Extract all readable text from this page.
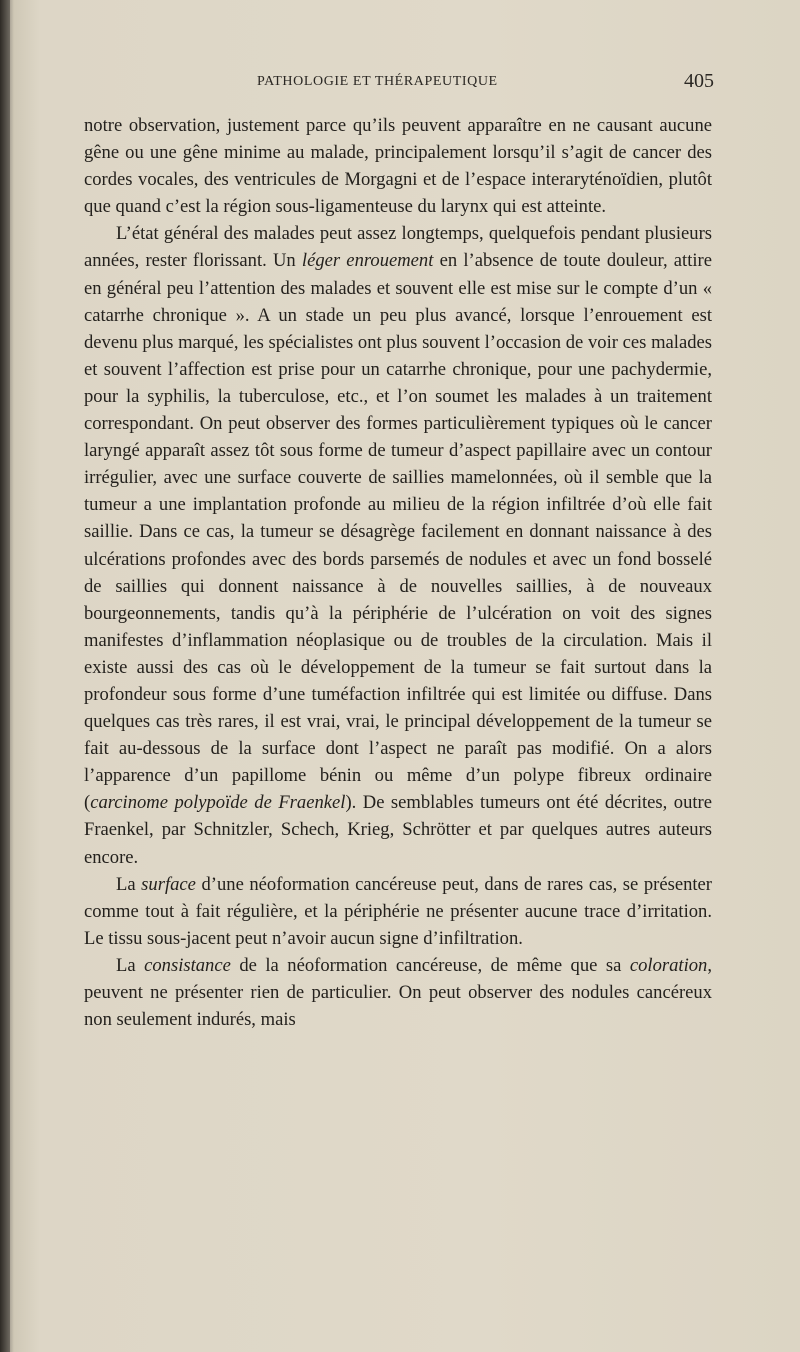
PATHOLOGIE ET THÉRAPEUTIQUE	405

notre observation, justement parce qu’ils peuvent apparaître en ne causant aucune gêne ou une gêne minime au malade, principalement lorsqu’il s’agit de cancer des cordes vocales, des ventricules de Morgagni et de l’espace interaryténoïdien, plutôt que quand c’est la région sous-ligamenteuse du larynx qui est atteinte.

L’état général des malades peut assez longtemps, quelquefois pendant plusieurs années, rester florissant. Un léger enrouement en l’absence de toute douleur, attire en général peu l’attention des malades et souvent elle est mise sur le compte d’un « catarrhe chronique ». A un stade un peu plus avancé, lorsque l’enrouement est devenu plus marqué, les spécialistes ont plus souvent l’occasion de voir ces malades et souvent l’affection est prise pour un catarrhe chronique, pour une pachydermie, pour la syphilis, la tuberculose, etc., et l’on soumet les malades à un traitement correspondant. On peut observer des formes particulièrement typiques où le cancer laryngé apparaît assez tôt sous forme de tumeur d’aspect papillaire avec un contour irrégulier, avec une surface couverte de saillies mamelonnées, où il semble que la tumeur a une implantation profonde au milieu de la région infiltrée d’où elle fait saillie. Dans ce cas, la tumeur se désagrège facilement en donnant naissance à des ulcérations profondes avec des bords parsemés de nodules et avec un fond bosselé de saillies qui donnent naissance à de nouvelles saillies, à de nouveaux bourgeonnements, tandis qu’à la périphérie de l’ulcération on voit des signes manifestes d’inflammation néoplasique ou de troubles de la circulation. Mais il existe aussi des cas où le développement de la tumeur se fait surtout dans la profondeur sous forme d’une tuméfaction infiltrée qui est limitée ou diffuse. Dans quelques cas très rares, il est vrai, vrai, le principal développement de la tumeur se fait au-dessous de la surface dont l’aspect ne paraît pas modifié. On a alors l’apparence d’un papillome bénin ou même d’un polype fibreux ordinaire (carcinome polypoïde de Fraenkel). De semblables tumeurs ont été décrites, outre Fraenkel, par Schnitzler, Schech, Krieg, Schrötter et par quelques autres auteurs encore.

La surface d’une néoformation cancéreuse peut, dans de rares cas, se présenter comme tout à fait régulière, et la périphérie ne présenter aucune trace d’irritation. Le tissu sous-jacent peut n’avoir aucun signe d’infiltration.

La consistance de la néoformation cancéreuse, de même que sa coloration, peuvent ne présenter rien de particulier. On peut observer des nodules cancéreux non seulement indurés, mais
